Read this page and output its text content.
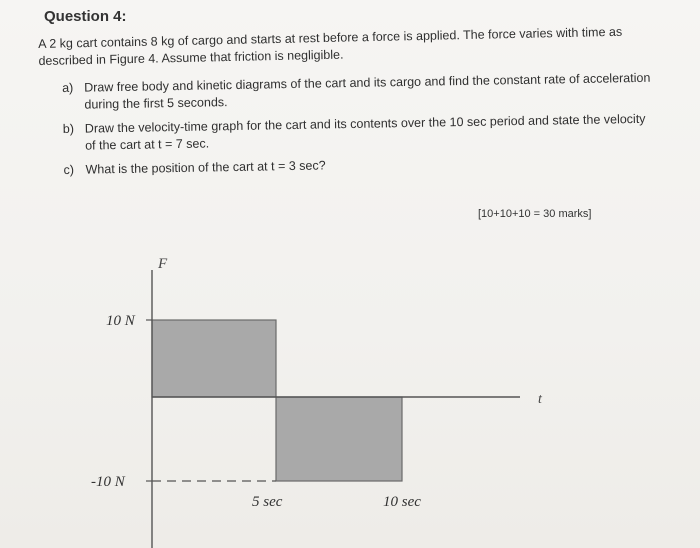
Question 4:
A 2 kg cart contains 8 kg of cargo and starts at rest before a force is applied. The force varies with time as described in Figure 4. Assume that friction is negligible.
a) Draw free body and kinetic diagrams of the cart and its cargo and find the constant rate of acceleration during the first 5 seconds.
b) Draw the velocity-time graph for the cart and its contents over the 10 sec period and state the velocity of the cart at t = 7 sec.
c) What is the position of the cart at t = 3 sec?
[10+10+10 = 30 marks]
F
t
10 N
-10 N
5 sec	10 sec
